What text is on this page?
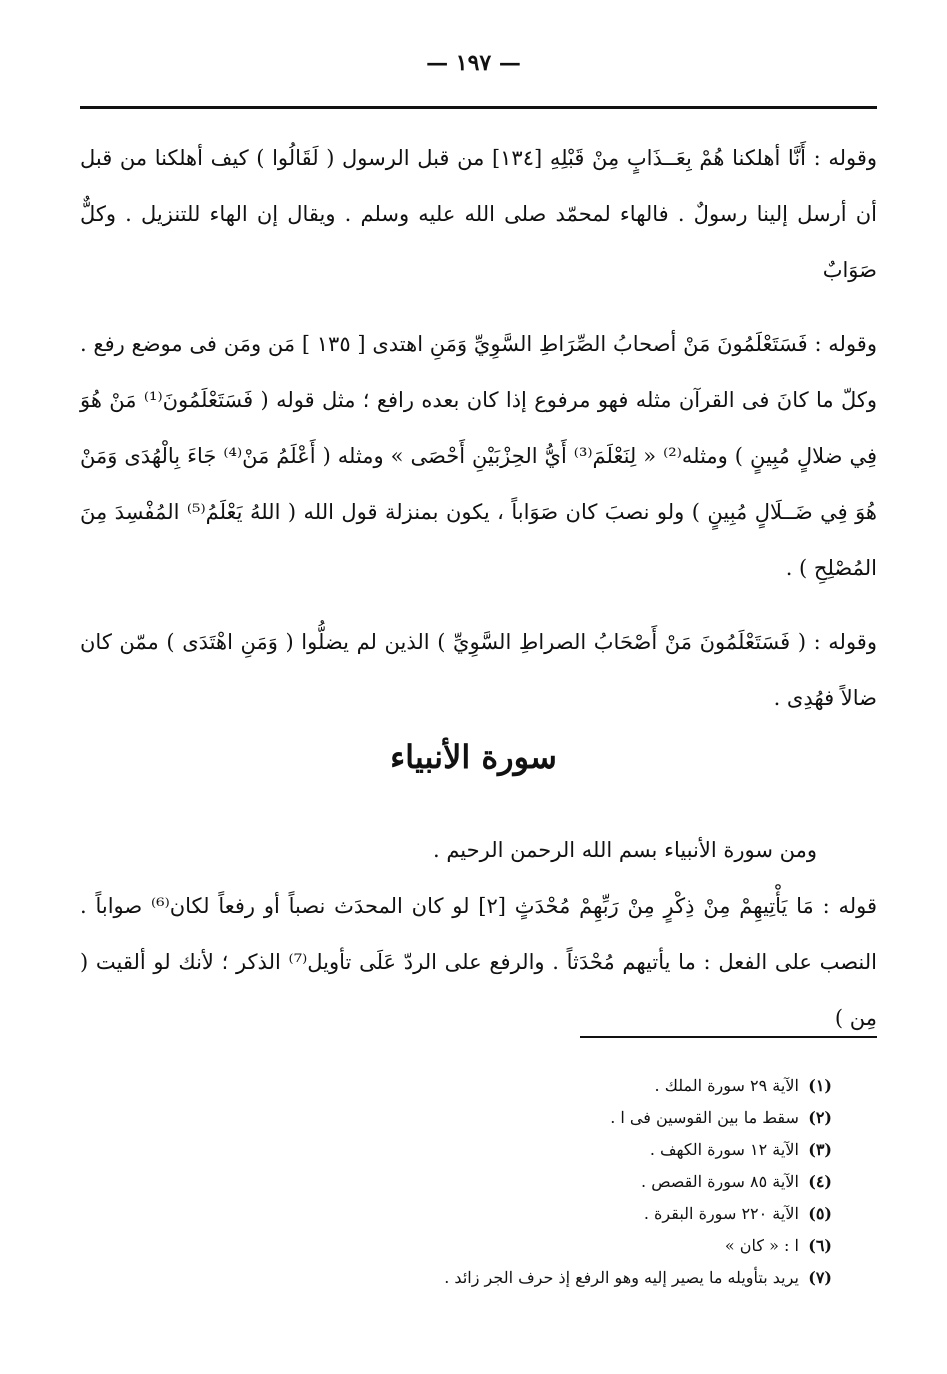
— ١٩٧ —

وقوله : أَنَّا أهلكنا هُمْ بِعَــذَابٍ مِنْ قَبْلِهِ [١٣٤] من قبل الرسول ( لَقَالُوا ) كيف أهلكنا من قبل أن أرسل إلينا رسولٌ . فالهاء لمحمّد صلى الله عليه وسلم . ويقال إن الهاء للتنزيل . وكلٌّ صَوَابٌ

وقوله : فَسَتَعْلَمُونَ مَنْ أصحابُ الصِّرَاطِ السَّوِيِّ وَمَنِ اهتدى [ ١٣٥ ] مَن ومَن فى موضع رفع . وكلّ ما كانَ فى القرآن مثله فهو مرفوع إذا كان بعده رافع ؛ مثل قوله ( فَسَتَعْلَمُونَ⁽¹⁾ مَنْ هُوَ فِي ضلالٍ مُبِينٍ ) ومثله⁽²⁾ « لِنَعْلَمَ⁽³⁾ أَيُّ الحِزْبَيْنِ أَحْصَى » ومثله ( أَعْلَمُ مَنْ⁽⁴⁾ جَاءَ بِالْهُدَى وَمَنْ هُوَ فِي ضَــلَالٍ مُبِينٍ ) ولو نصبَ كان صَوَاباً ، يكون بمنزلة قول الله ( اللهُ يَعْلَمُ⁽⁵⁾ المُفْسِدَ مِنَ المُصْلِحِ ) .

وقوله : ( فَسَتَعْلَمُونَ مَنْ أَصْحَابُ الصراطِ السَّوِيِّ ) الذين لم يضلُّوا ( وَمَنِ اهْتَدَى ) ممّن كان ضالاً فهُدِى .

سورة الأنبياء

ومن سورة الأنبياء بسم الله الرحمن الرحيم .

قوله : مَا يَأْتِيهِمْ مِنْ ذِكْرٍ مِنْ رَبِّهِمْ مُحْدَثٍ [٢] لو كان المحدَث نصباً أو رفعاً لكان⁽⁶⁾ صواباً . النصب على الفعل : ما يأتيهم مُحْدَثاً . والرفع على الردّ عَلَى تأويل⁽⁷⁾ الذكر ؛ لأنك لو ألقيت ( مِن )

(١) الآية ٢٩ سورة الملك .
(٢) سقط ما بين القوسين فى ا .
(٣) الآية ١٢ سورة الكهف .
(٤) الآية ٨٥ سورة القصص .
(٥) الآية ٢٢٠ سورة البقرة .
(٦) ا : « كان »
(٧) يريد بتأويله ما يصير إليه وهو الرفع إذ حرف الجر زائد .
